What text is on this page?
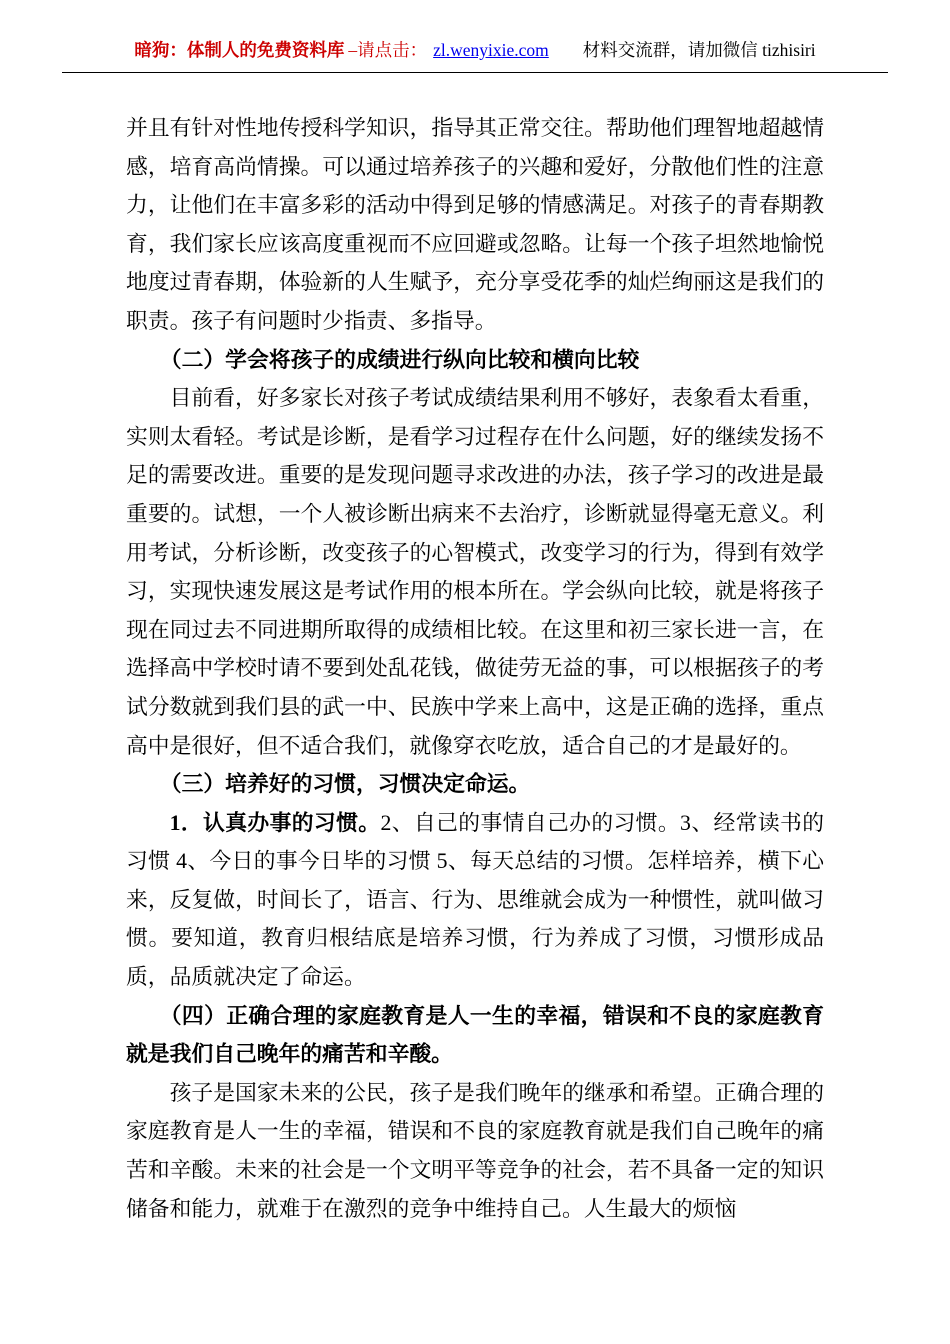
暗狗：体制人的免费资料库 –请点击： zl.wenyixie.com 材料交流群，请加微信 tizhisiri

并且有针对性地传授科学知识，指导其正常交往。帮助他们理智地超越情感，培育高尚情操。可以通过培养孩子的兴趣和爱好，分散他们性的注意力，让他们在丰富多彩的活动中得到足够的情感满足。对孩子的青春期教育，我们家长应该高度重视而不应回避或忽略。让每一个孩子坦然地愉悦地度过青春期，体验新的人生赋予，充分享受花季的灿烂绚丽这是我们的职责。孩子有问题时少指责、多指导。

（二）学会将孩子的成绩进行纵向比较和横向比较

目前看，好多家长对孩子考试成绩结果利用不够好，表象看太看重，实则太看轻。考试是诊断，是看学习过程存在什么问题，好的继续发扬不足的需要改进。重要的是发现问题寻求改进的办法，孩子学习的改进是最重要的。试想，一个人被诊断出病来不去治疗，诊断就显得毫无意义。利用考试，分析诊断，改变孩子的心智模式，改变学习的行为，得到有效学习，实现快速发展这是考试作用的根本所在。学会纵向比较，就是将孩子现在同过去不同进期所取得的成绩相比较。在这里和初三家长进一言，在选择高中学校时请不要到处乱花钱，做徒劳无益的事，可以根据孩子的考试分数就到我们县的武一中、民族中学来上高中，这是正确的选择，重点高中是很好，但不适合我们，就像穿衣吃放，适合自己的才是最好的。

（三）培养好的习惯，习惯决定命运。

1．认真办事的习惯。2、自己的事情自己办的习惯。3、经常读书的习惯 4、今日的事今日毕的习惯 5、每天总结的习惯。怎样培养，横下心来，反复做，时间长了，语言、行为、思维就会成为一种惯性，就叫做习惯。要知道，教育归根结底是培养习惯，行为养成了习惯，习惯形成品质，品质就决定了命运。

（四）正确合理的家庭教育是人一生的幸福，错误和不良的家庭教育就是我们自己晚年的痛苦和辛酸。

孩子是国家未来的公民，孩子是我们晚年的继承和希望。正确合理的家庭教育是人一生的幸福，错误和不良的家庭教育就是我们自己晚年的痛苦和辛酸。未来的社会是一个文明平等竞争的社会，若不具备一定的知识储备和能力，就难于在激烈的竞争中维持自己。人生最大的烦恼
